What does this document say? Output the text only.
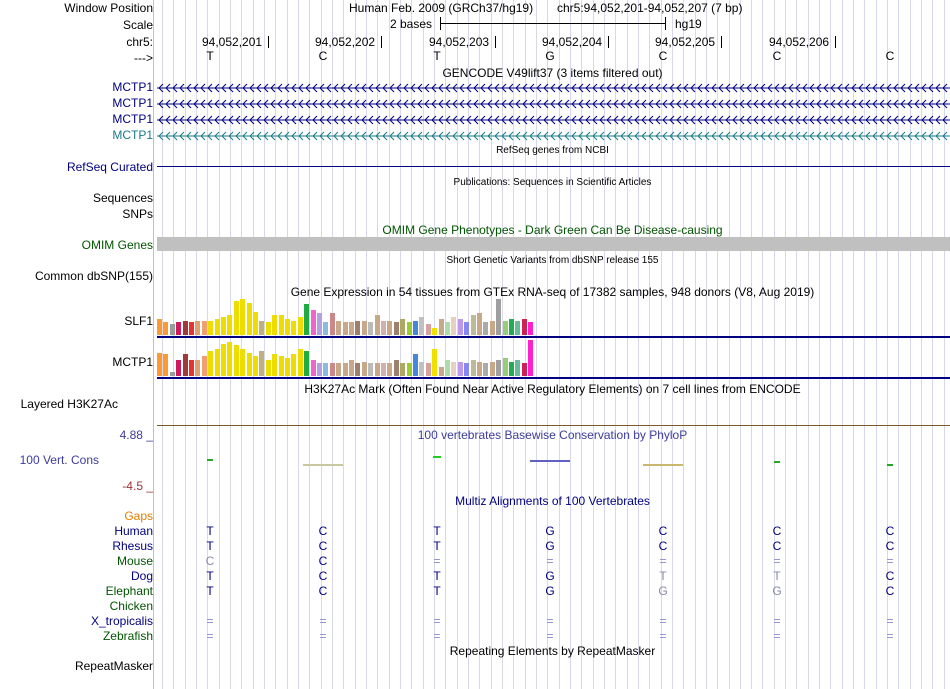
Window Position	Human Feb. 2009 (GRCh37/hg19) chr5:94,052,201-94,052,207 (7 bp)
Scale	2 bases	hg19
chr5:	94,052,201	94,052,202	94,052,203	94,052,204	94,052,205	94,052,206
--->	T	C	T	G	C	C	C
GENCODE V49lift37 (3 items filtered out)
MCTP1
MCTP1
MCTP1
MCTP1
RefSeq genes from NCBI
RefSeq Curated
Publications: Sequences in Scientific Articles
Sequences
SNPs
OMIM Gene Phenotypes - Dark Green Can Be Disease-causing
OMIM Genes
Short Genetic Variants from dbSNP release 155
Common dbSNP(155)
Gene Expression in 54 tissues from GTEx RNA-seq of 17382 samples, 948 donors (V8, Aug 2019)
SLF1
MCTP1
H3K27Ac Mark (Often Found Near Active Regulatory Elements) on 7 cell lines from ENCODE
Layered H3K27Ac
100 vertebrates Basewise Conservation by PhyloP
4.88 _
100 Vert. Cons
-4.5 _
Multiz Alignments of 100 Vertebrates
Gaps
Human	T	C	T	G	C	C	C
Rhesus	T	C	T	G	C	C	C
Mouse	C	C	=	=	=	=	=
Dog	T	C	T	G	T	T	C
Elephant	T	C	T	G	G	G	C
Chicken
X_tropicalis	=	=	=	=	=	=	=
Zebrafish	=	=	=	=	=	=	=
Repeating Elements by RepeatMasker
RepeatMasker
